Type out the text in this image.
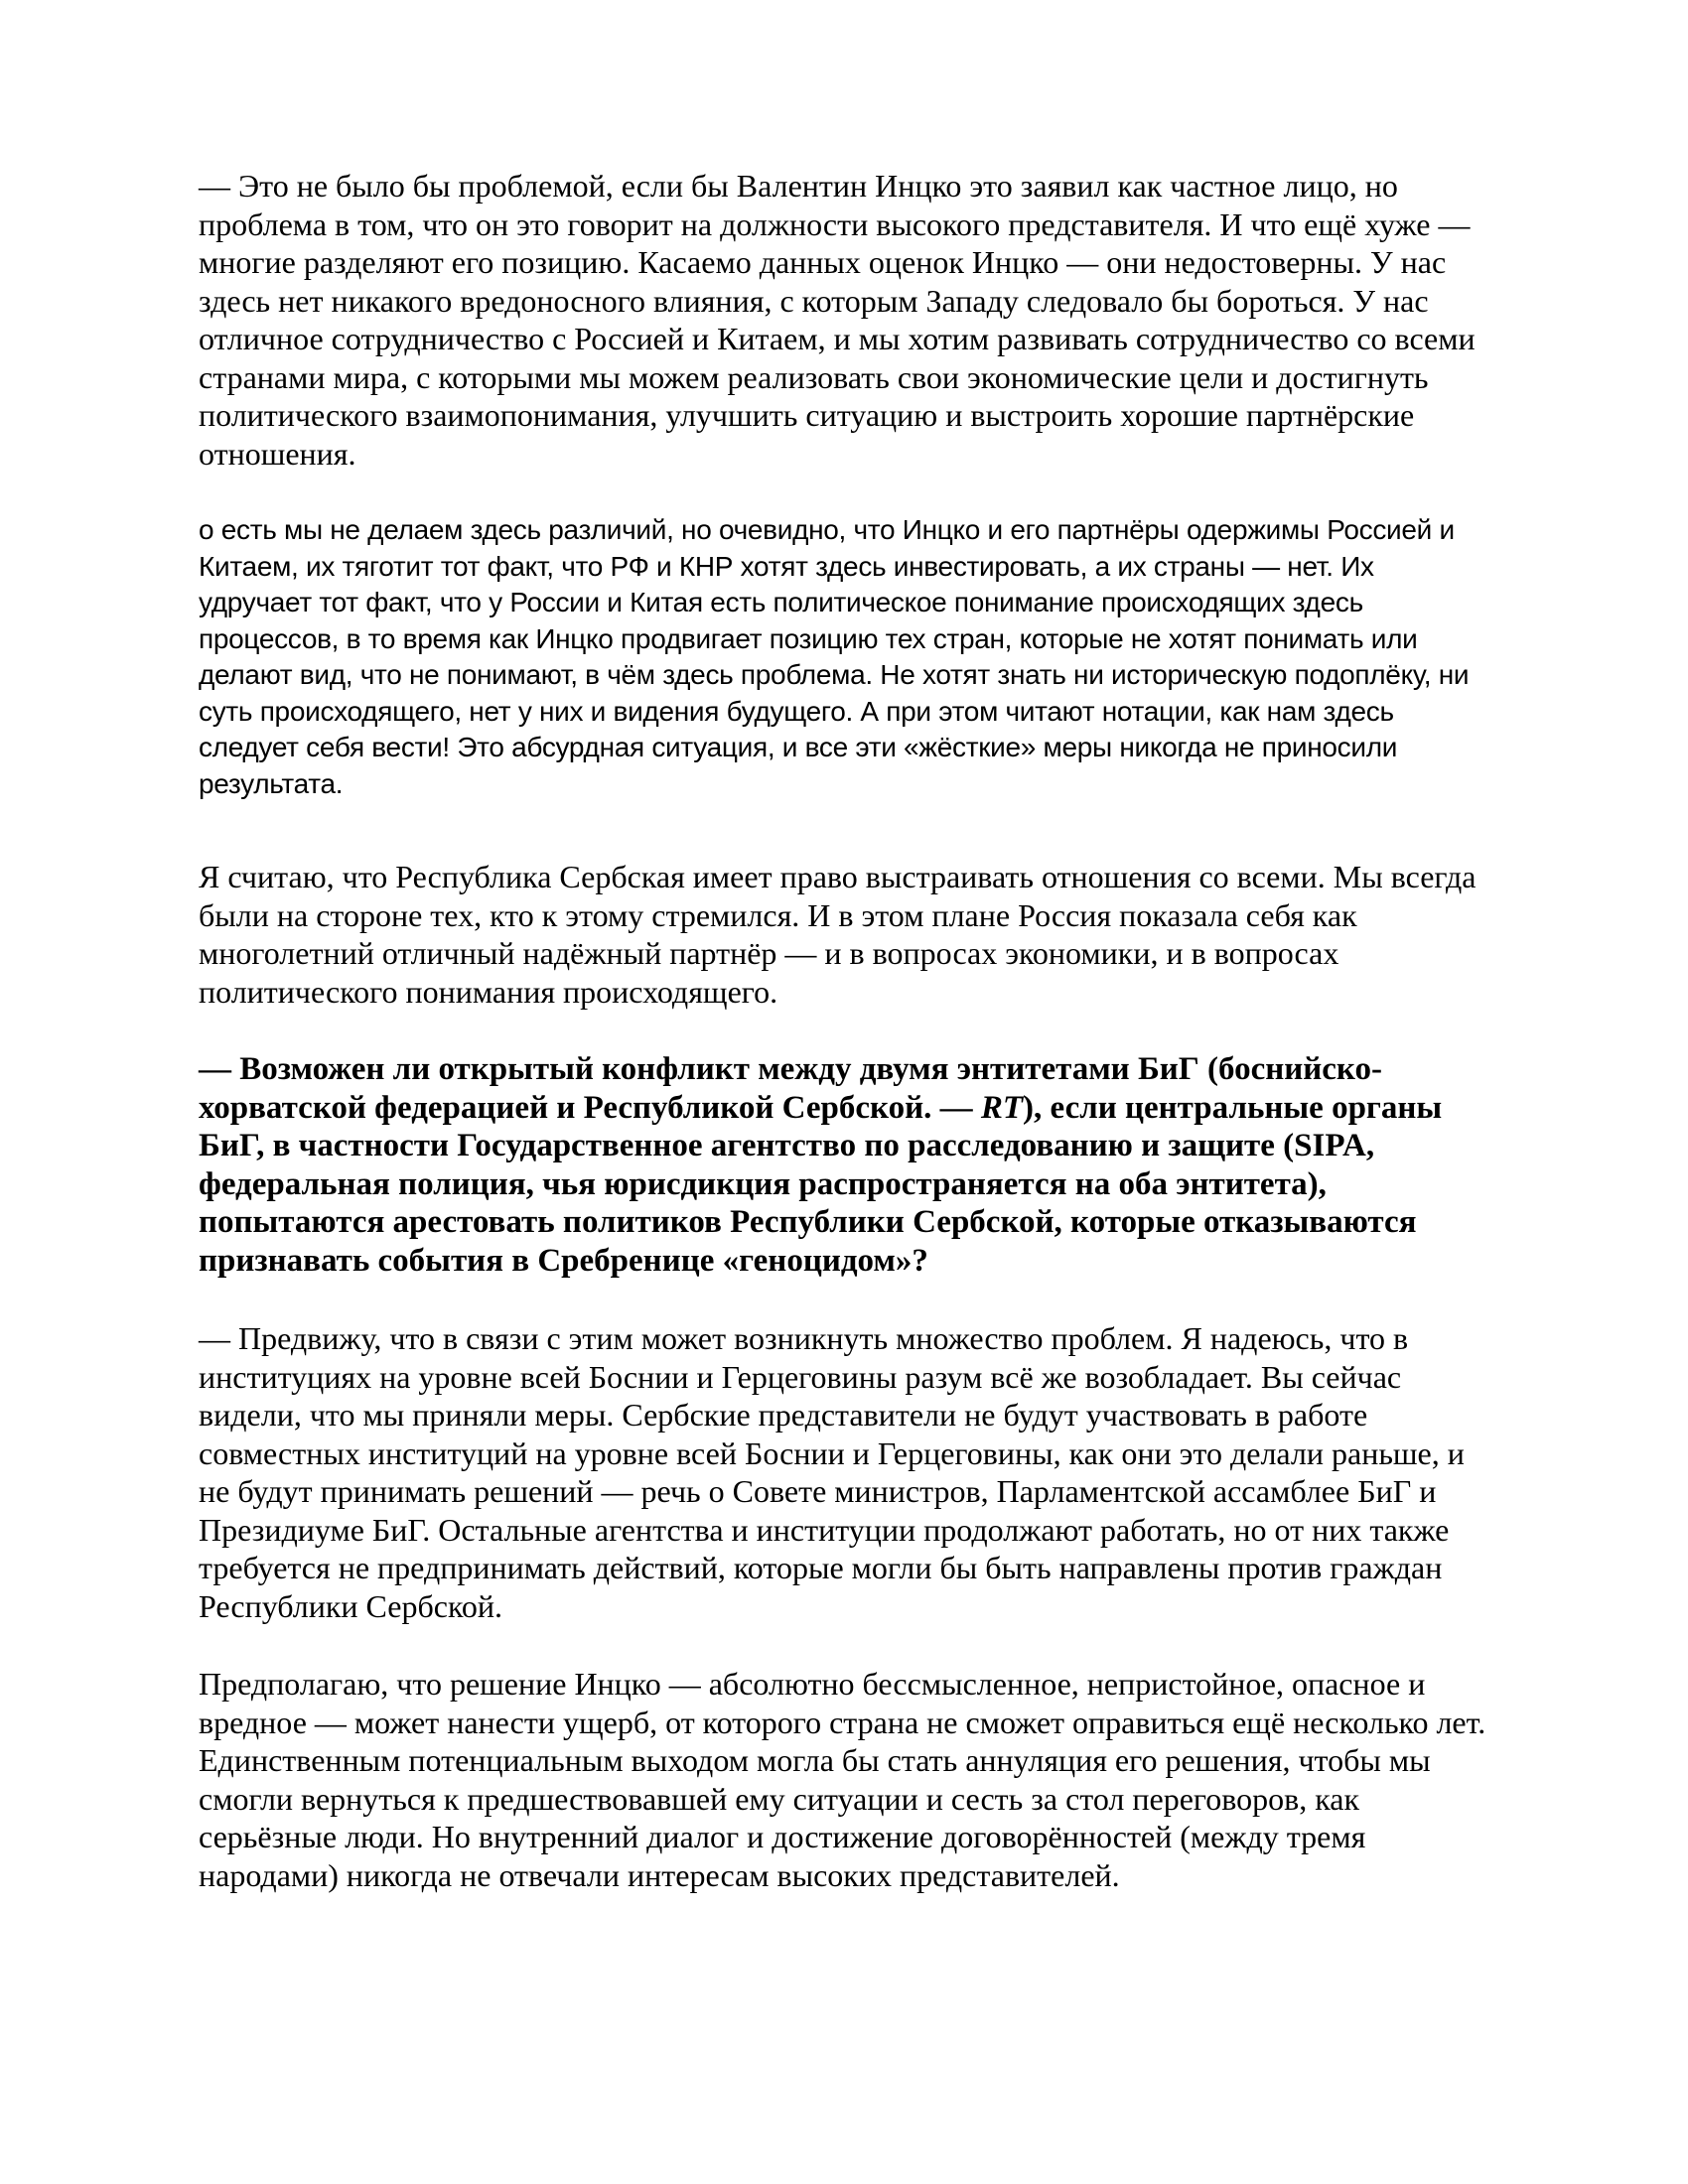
— Это не было бы проблемой, если бы Валентин Инцко это заявил как частное лицо, но проблема в том, что он это говорит на должности высокого представителя. И что ещё хуже — многие разделяют его позицию. Касаемо данных оценок Инцко — они недостоверны. У нас здесь нет никакого вредоносного влияния, с которым Западу следовало бы бороться. У нас отличное сотрудничество с Россией и Китаем, и мы хотим развивать сотрудничество со всеми странами мира, с которыми мы можем реализовать свои экономические цели и достигнуть политического взаимопонимания, улучшить ситуацию и выстроить хорошие партнёрские отношения.

о есть мы не делаем здесь различий, но очевидно, что Инцко и его партнёры одержимы Россией и Китаем, их тяготит тот факт, что РФ и КНР хотят здесь инвестировать, а их страны — нет. Их удручает тот факт, что у России и Китая есть политическое понимание происходящих здесь процессов, в то время как Инцко продвигает позицию тех стран, которые не хотят понимать или делают вид, что не понимают, в чём здесь проблема. Не хотят знать ни историческую подоплёку, ни суть происходящего, нет у них и видения будущего. А при этом читают нотации, как нам здесь следует себя вести! Это абсурдная ситуация, и все эти «жёсткие» меры никогда не приносили результата.

Я считаю, что Республика Сербская имеет право выстраивать отношения со всеми. Мы всегда были на стороне тех, кто к этому стремился. И в этом плане Россия показала себя как многолетний отличный надёжный партнёр — и в вопросах экономики, и в вопросах политического понимания происходящего.

— Возможен ли открытый конфликт между двумя энтитетами БиГ (боснийско-хорватской федерацией и Республикой Сербской. — RT), если центральные органы БиГ, в частности Государственное агентство по расследованию и защите (SIPA, федеральная полиция, чья юрисдикция распространяется на оба энтитета), попытаются арестовать политиков Республики Сербской, которые отказываются признавать события в Сребренице «геноцидом»?

— Предвижу, что в связи с этим может возникнуть множество проблем. Я надеюсь, что в институциях на уровне всей Боснии и Герцеговины разум всё же возобладает. Вы сейчас видели, что мы приняли меры. Сербские представители не будут участвовать в работе совместных институций на уровне всей Боснии и Герцеговины, как они это делали раньше, и не будут принимать решений — речь о Совете министров, Парламентской ассамблее БиГ и Президиуме БиГ. Остальные агентства и институции продолжают работать, но от них также требуется не предпринимать действий, которые могли бы быть направлены против граждан Республики Сербской.

Предполагаю, что решение Инцко — абсолютно бессмысленное, непристойное, опасное и вредное — может нанести ущерб, от которого страна не сможет оправиться ещё несколько лет. Единственным потенциальным выходом могла бы стать аннуляция его решения, чтобы мы смогли вернуться к предшествовавшей ему ситуации и сесть за стол переговоров, как серьёзные люди. Но внутренний диалог и достижение договорённостей (между тремя народами) никогда не отвечали интересам высоких представителей.
